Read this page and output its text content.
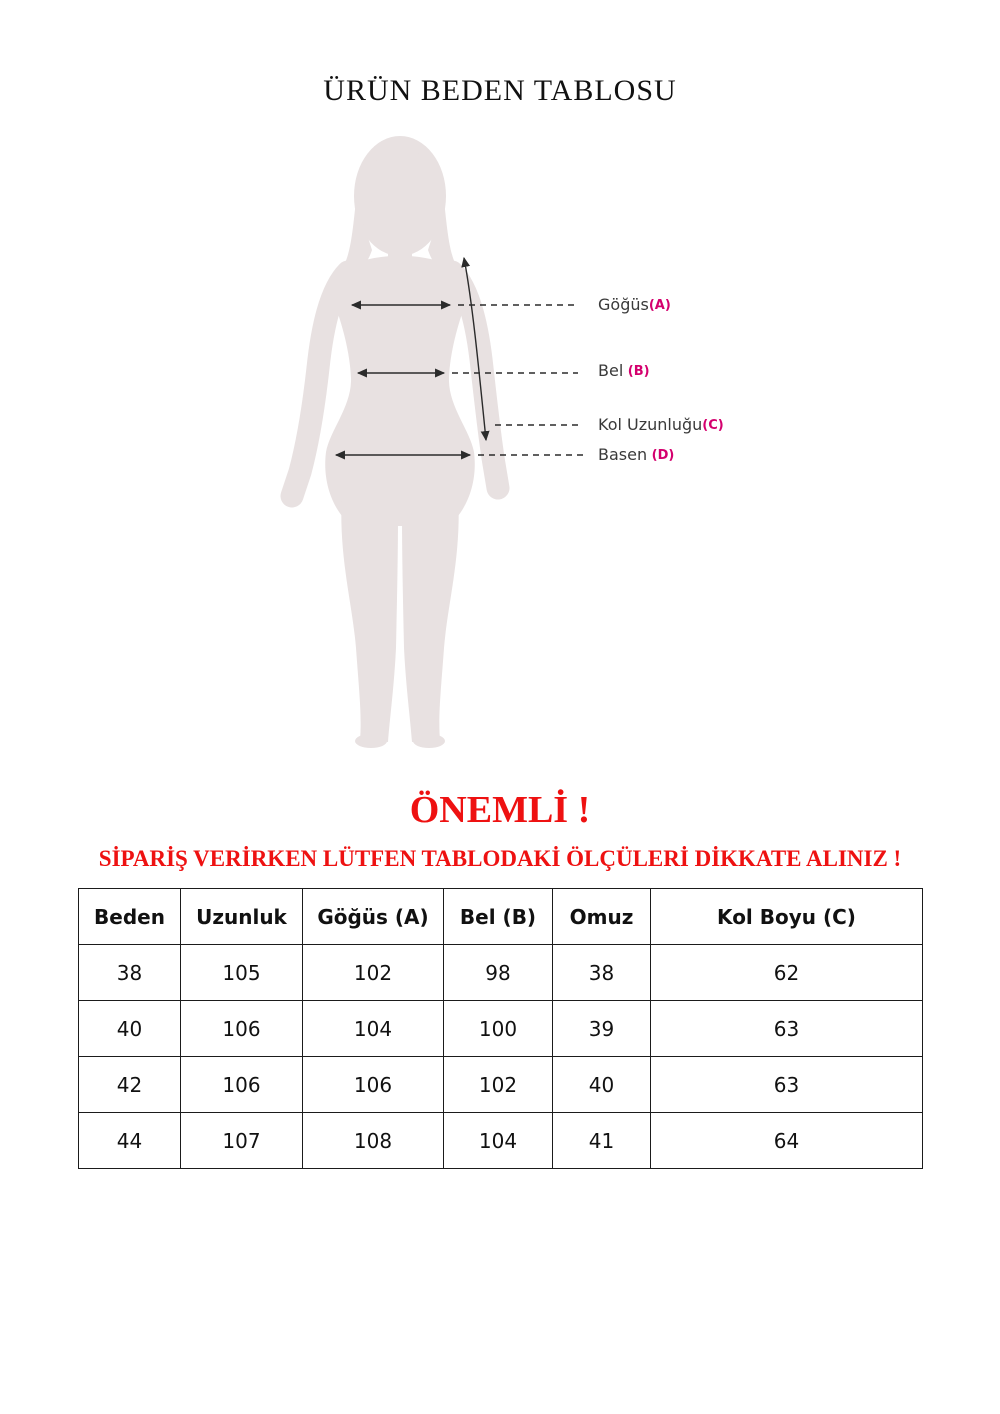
ÜRÜN BEDEN TABLOSU
Göğüs(A)
Bel (B)
Kol Uzunluğu(C)
Basen (D)
ÖNEMLİ !
SİPARİŞ VERİRKEN LÜTFEN TABLODAKİ ÖLÇÜLERİ DİKKATE ALINIZ !
Beden	Uzunluk	Göğüs (A)	Bel (B)	Omuz	Kol Boyu (C)
38	105	102	98	38	62
40	106	104	100	39	63
42	106	106	102	40	63
44	107	108	104	41	64
